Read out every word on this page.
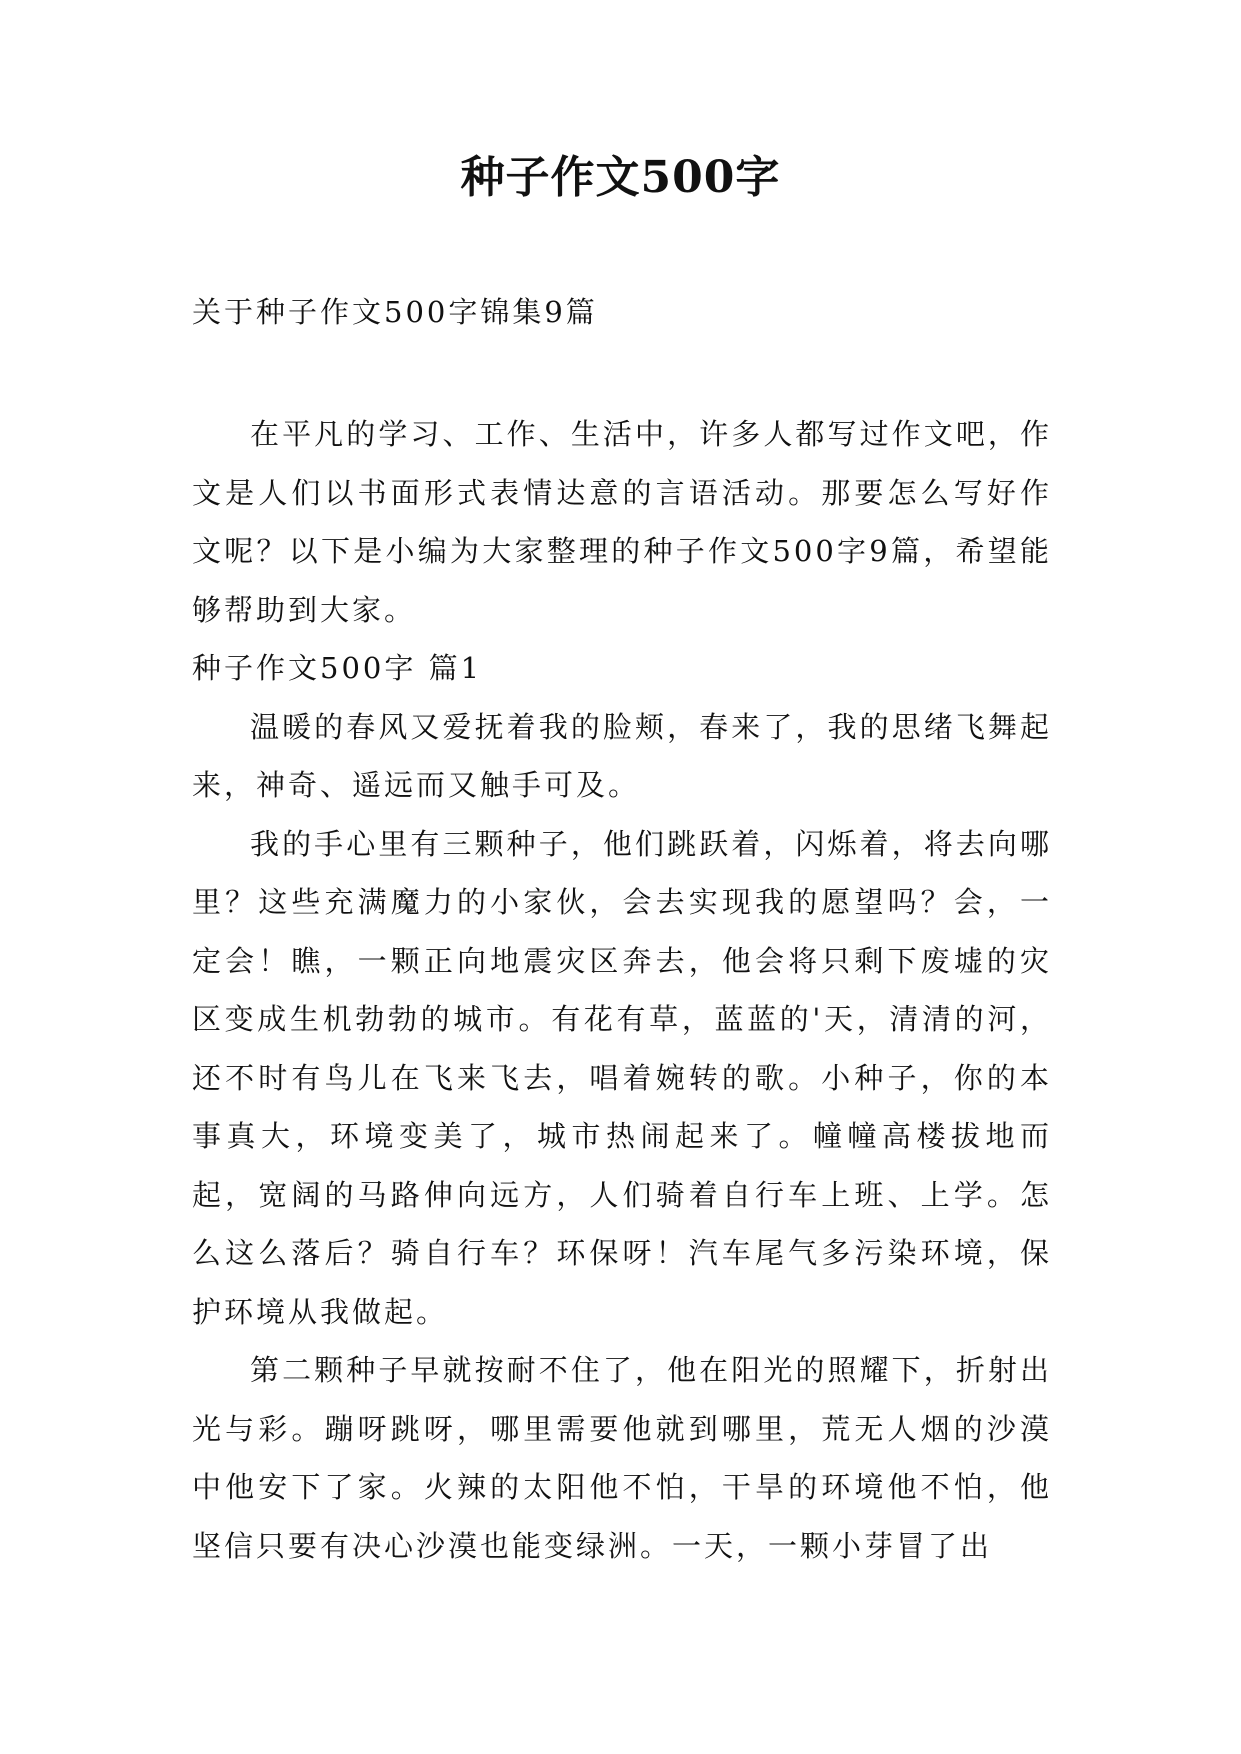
种子作文500字
关于种子作文500字锦集9篇

在平凡的学习、工作、生活中，许多人都写过作文吧，作文是人们以书面形式表情达意的言语活动。那要怎么写好作文呢？以下是小编为大家整理的种子作文500字9篇，希望能够帮助到大家。

种子作文500字 篇1

温暖的春风又爱抚着我的脸颊，春来了，我的思绪飞舞起来，神奇、遥远而又触手可及。

我的手心里有三颗种子，他们跳跃着，闪烁着，将去向哪里？这些充满魔力的小家伙，会去实现我的愿望吗？会，一定会！瞧，一颗正向地震灾区奔去，他会将只剩下废墟的灾区变成生机勃勃的城市。有花有草，蓝蓝的'天，清清的河，还不时有鸟儿在飞来飞去，唱着婉转的歌。小种子，你的本事真大，环境变美了，城市热闹起来了。幢幢高楼拔地而起，宽阔的马路伸向远方，人们骑着自行车上班、上学。怎么这么落后？骑自行车？环保呀！汽车尾气多污染环境，保护环境从我做起。

第二颗种子早就按耐不住了，他在阳光的照耀下，折射出光与彩。蹦呀跳呀，哪里需要他就到哪里，荒无人烟的沙漠中他安下了家。火辣的太阳他不怕，干旱的环境他不怕，他坚信只要有决心沙漠也能变绿洲。一天，一颗小芽冒了出
